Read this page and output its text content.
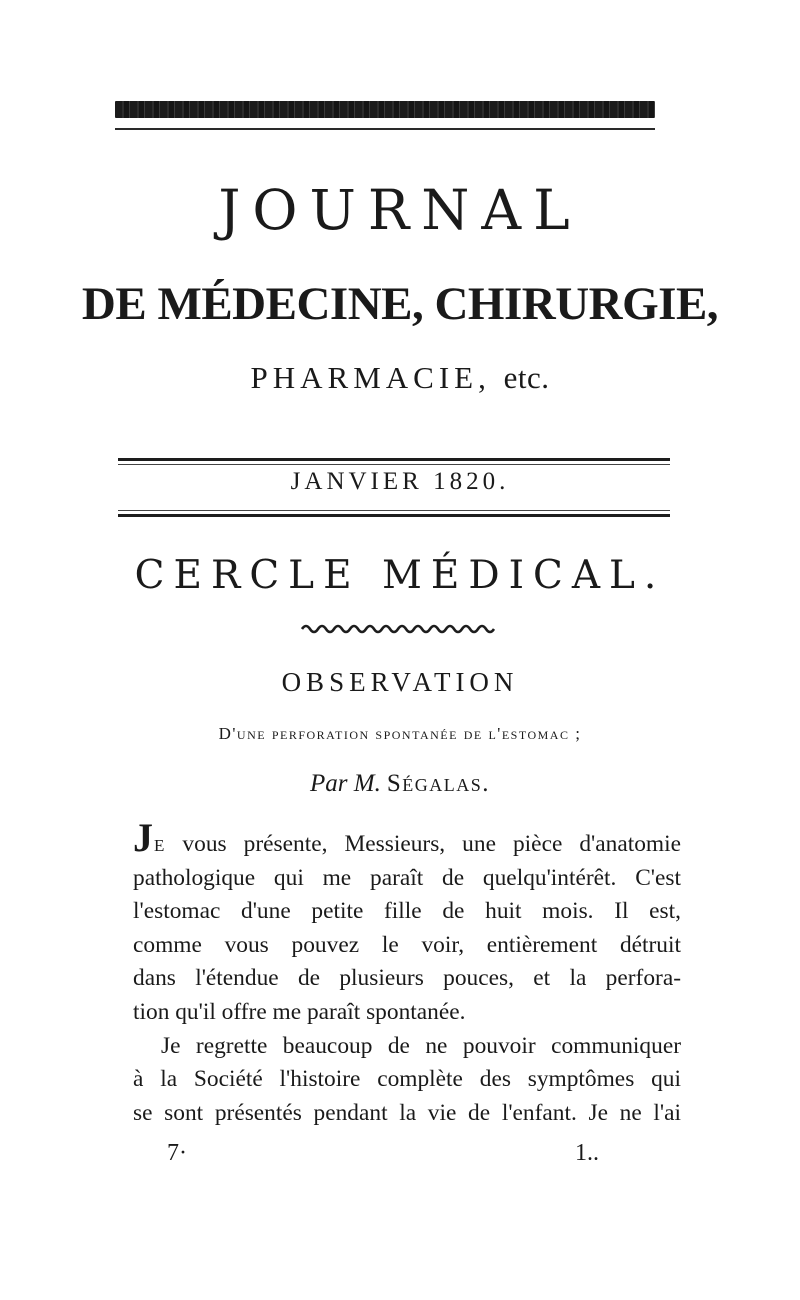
JOURNAL
DE MÉDECINE, CHIRURGIE,
PHARMACIE, etc.
JANVIER 1820.
CERCLE MÉDICAL.
OBSERVATION
D'une perforation spontanée de l'estomac ;
Par M. Ségalas.
JE vous présente, Messieurs, une pièce d'anatomie
pathologique qui me paraît de quelqu'intérêt. C'est
l'estomac d'une petite fille de huit mois. Il est,
comme vous pouvez le voir, entièrement détruit
dans l'étendue de plusieurs pouces, et la perfora-
tion qu'il offre me paraît spontanée.
Je regrette beaucoup de ne pouvoir communiquer
à la Société l'histoire complète des symptômes qui
se sont présentés pendant la vie de l'enfant. Je ne l'ai
7·	1..
